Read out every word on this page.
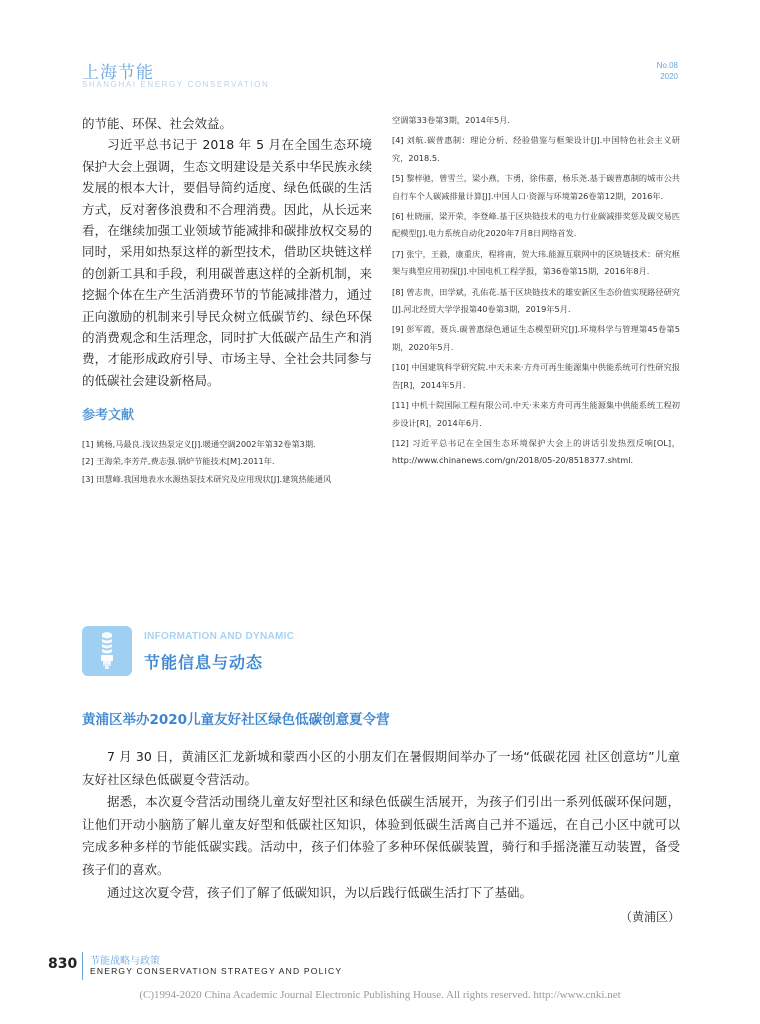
上海节能
SHANGHAI ENERGY CONSERVATION
No.08
2020

的节能、环保、社会效益。

习近平总书记于 2018 年 5 月在全国生态环境保护大会上强调，生态文明建设是关系中华民族永续发展的根本大计，要倡导简约适度、绿色低碳的生活方式，反对奢侈浪费和不合理消费。因此，从长远来看，在继续加强工业领域节能减排和碳排放权交易的同时，采用如热泵这样的新型技术，借助区块链这样的创新工具和手段，利用碳普惠这样的全新机制，来挖掘个体在生产生活消费环节的节能减排潜力，通过正向激励的机制来引导民众树立低碳节约、绿色环保的消费观念和生活理念，同时扩大低碳产品生产和消费，才能形成政府引导、市场主导、全社会共同参与的低碳社会建设新格局。

参考文献
[1] 姚杨,马最良.浅议热泵定义[J].暖通空调2002年第32卷第3期.
[2] 王海荣,李芳芹,费志强.锅炉节能技术[M].2011年.
[3] 田慧峰.我国地表水水源热泵技术研究及应用现状[J].建筑热能通风
空调第33卷第3期，2014年5月.
[4] 刘航.碳普惠制：理论分析、经验借鉴与框架设计[J].中国特色社会主义研究，2018.5.
[5] 黎梓驰，曾雪兰，梁小燕，卞勇，徐伟嘉，杨乐尧.基于碳普惠制的城市公共自行车个人碳减排量计算[J].中国人口·资源与环境第26卷第12期，2016年.
[6] 杜晓丽，梁开荣，李登峰.基于区块链技术的电力行业碳减排奖惩及碳交易匹配模型[J].电力系统自动化2020年7月8日网络首发.
[7] 张宁，王毅，康重庆，程将南，贺大玮.能源互联网中的区块链技术：研究框架与典型应用初探[J].中国电机工程学报，第36卷第15期，2016年8月.
[8] 曾志贵，田学斌，孔佑花.基于区块链技术的雄安新区生态价值实现路径研究[J].河北经贸大学学报第40卷第3期，2019年5月.
[9] 彭军霞，聂兵.碳普惠绿色通证生态模型研究[J].环境科学与管理第45卷第5期，2020年5月.
[10] 中国建筑科学研究院.中天未来·方舟可再生能源集中供能系统可行性研究报告[R]，2014年5月.
[11] 中机十院国际工程有限公司.中天·未来方舟可再生能源集中供能系统工程初步设计[R]，2014年6月.
[12] 习近平总书记在全国生态环境保护大会上的讲话引发热烈反响[OL]，http://www.chinanews.com/gn/2018/05-20/8518377.shtml.
INFORMATION AND DYNAMIC
节能信息与动态
黄浦区举办2020儿童友好社区绿色低碳创意夏令营

7 月 30 日，黄浦区汇龙新城和蒙西小区的小朋友们在暑假期间举办了一场“低碳花园 社区创意坊”儿童友好社区绿色低碳夏令营活动。

据悉，本次夏令营活动围绕儿童友好型社区和绿色低碳生活展开，为孩子们引出一系列低碳环保问题，让他们开动小脑筋了解儿童友好型和低碳社区知识，体验到低碳生活离自己并不遥远，在自己小区中就可以完成多种多样的节能低碳实践。活动中，孩子们体验了多种环保低碳装置，骑行和手摇浇灌互动装置，备受孩子们的喜欢。

通过这次夏令营，孩子们了解了低碳知识，为以后践行低碳生活打下了基础。

（黄浦区）
830 节能战略与政策
ENERGY CONSERVATION STRATEGY AND POLICY
(C)1994-2020 China Academic Journal Electronic Publishing House. All rights reserved. http://www.cnki.net
